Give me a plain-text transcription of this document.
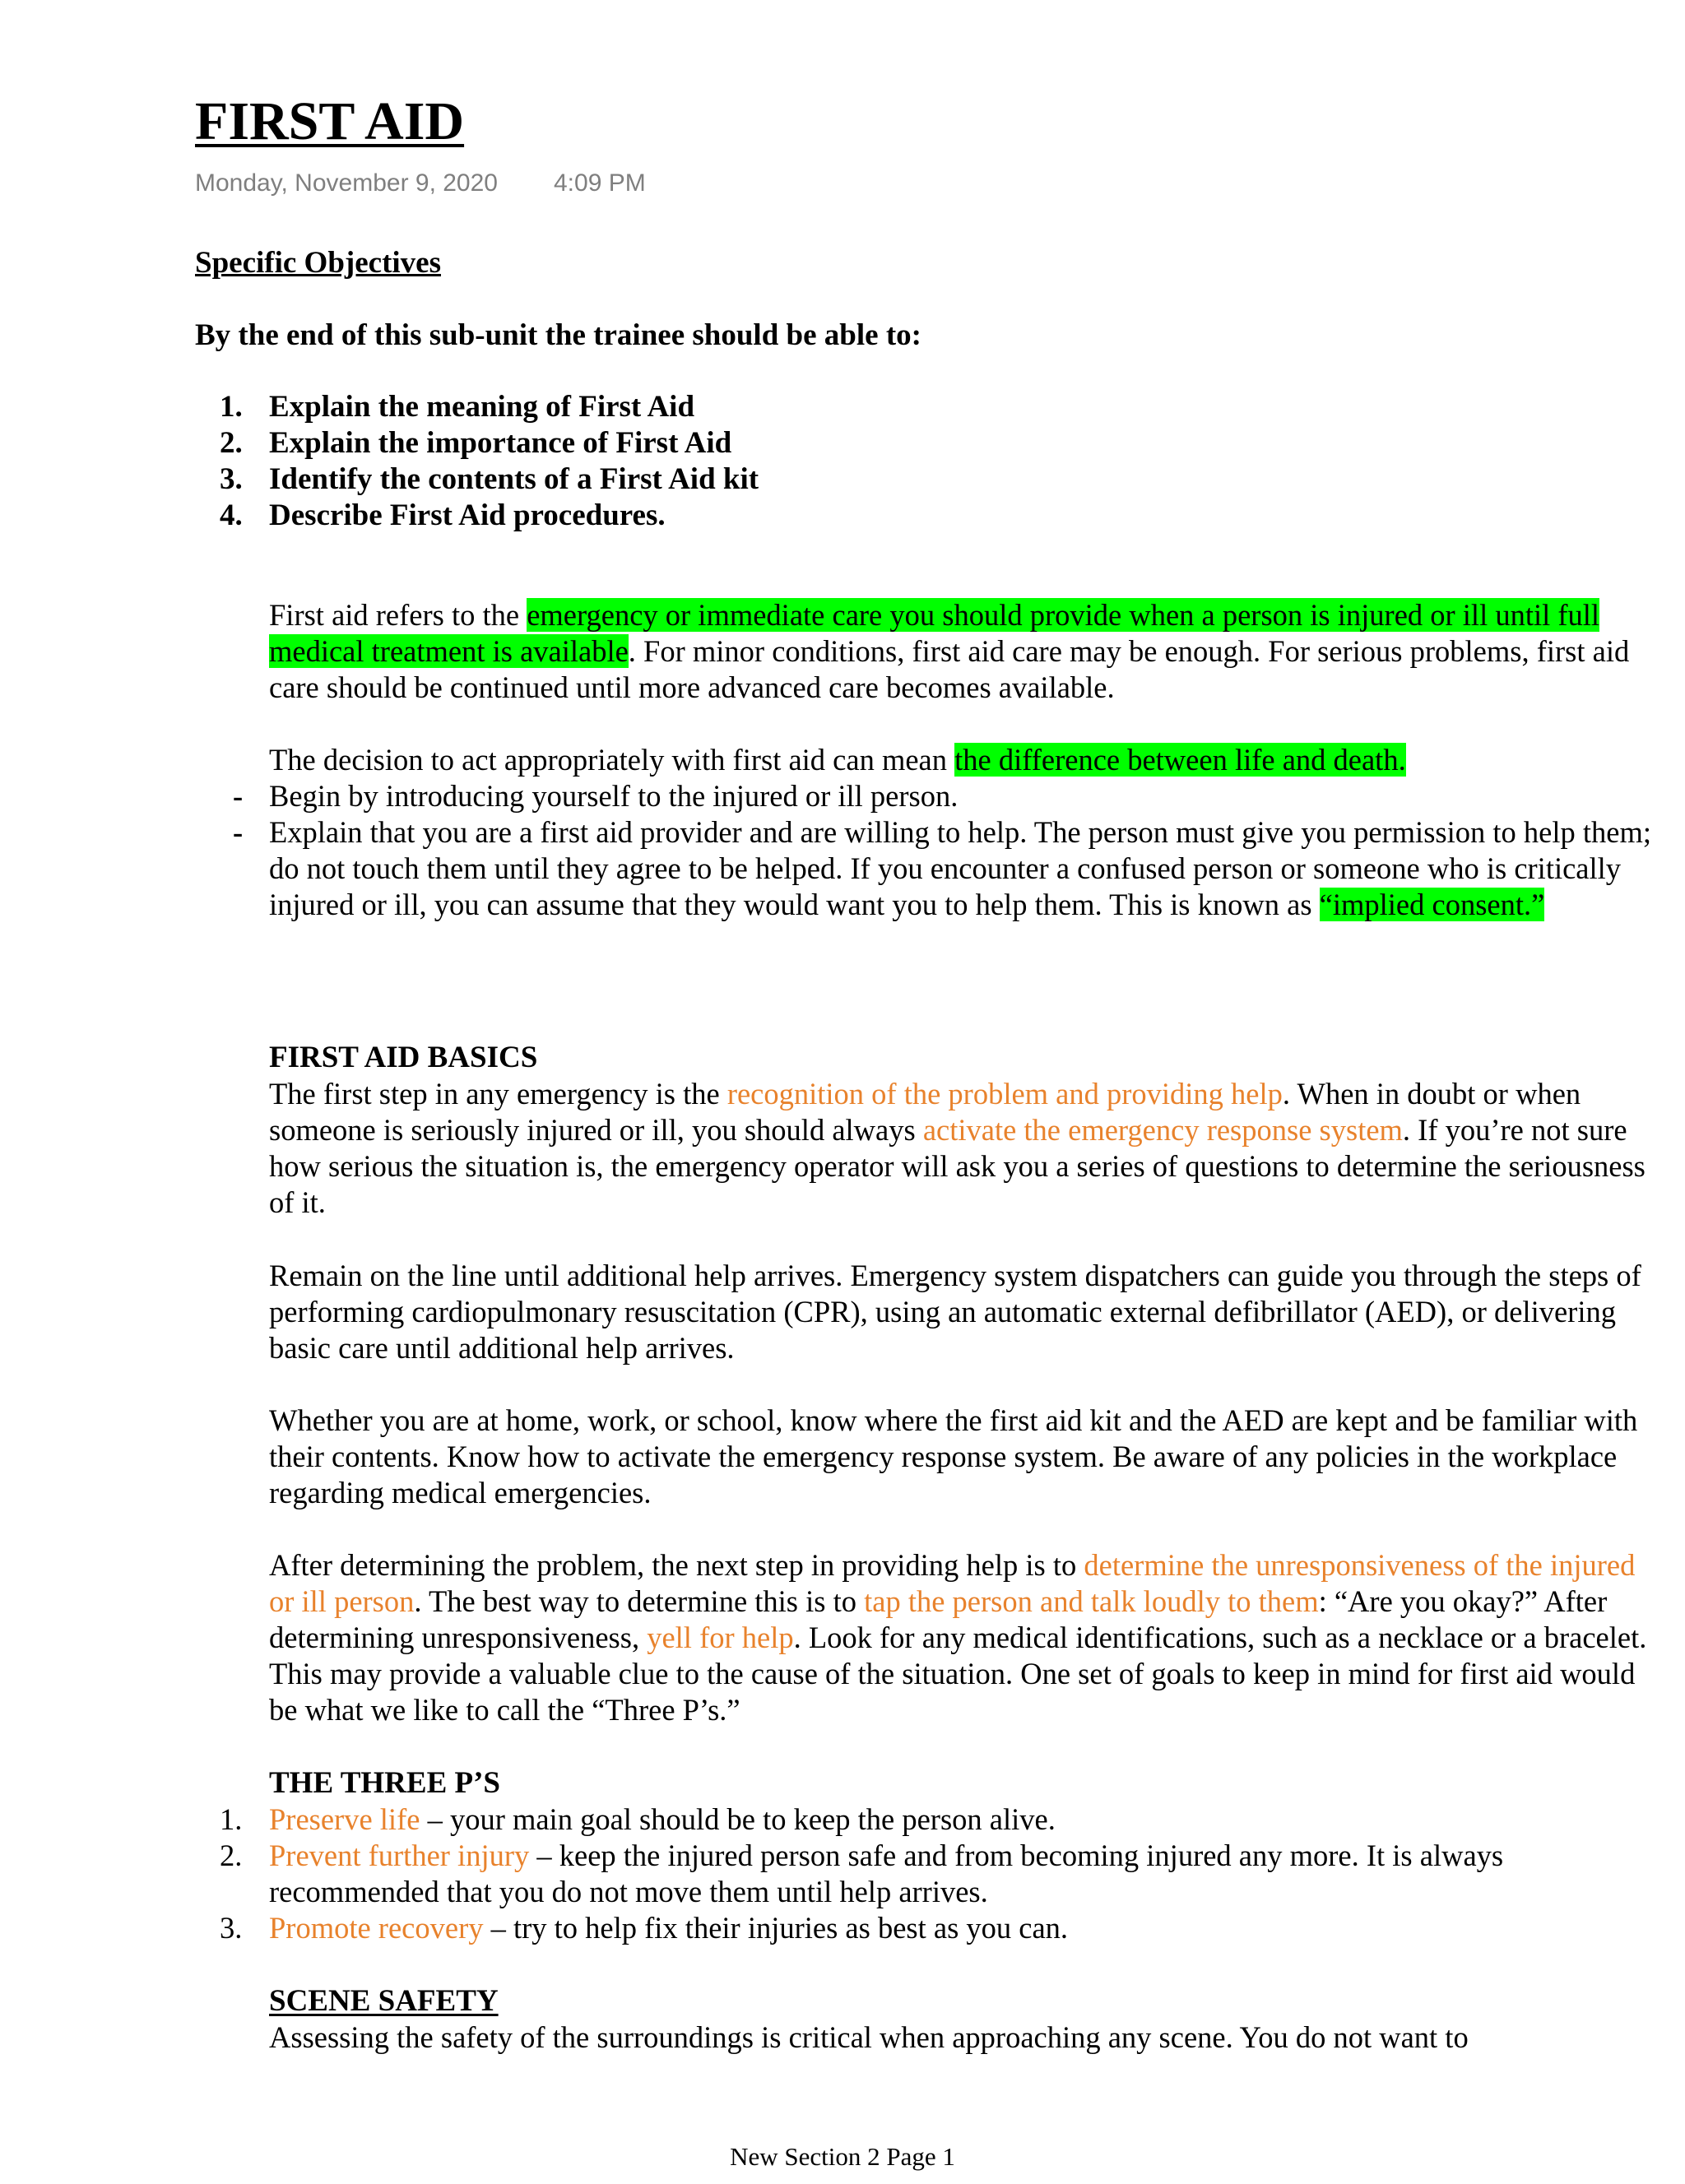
FIRST AID
Monday, November 9, 2020 4:09 PM
Specific Objectives

By the end of this sub-unit the trainee should be able to:

1. Explain the meaning of First Aid
2. Explain the importance of First Aid
3. Identify the contents of a First Aid kit
4. Describe First Aid procedures.

First aid refers to the emergency or immediate care you should provide when a person is injured or ill until full medical treatment is available. For minor conditions, first aid care may be enough. For serious problems, first aid care should be continued until more advanced care becomes available.

The decision to act appropriately with first aid can mean the difference between life and death.

- Begin by introducing yourself to the injured or ill person.
- Explain that you are a first aid provider and are willing to help. The person must give you permission to help them; do not touch them until they agree to be helped. If you encounter a confused person or someone who is critically injured or ill, you can assume that they would want you to help them. This is known as “implied consent.”
FIRST AID BASICS

The first step in any emergency is the recognition of the problem and providing help. When in doubt or when someone is seriously injured or ill, you should always activate the emergency response system. If you’re not sure how serious the situation is, the emergency operator will ask you a series of questions to determine the seriousness of it.

Remain on the line until additional help arrives. Emergency system dispatchers can guide you through the steps of performing cardiopulmonary resuscitation (CPR), using an automatic external defibrillator (AED), or delivering basic care until additional help arrives.

Whether you are at home, work, or school, know where the first aid kit and the AED are kept and be familiar with their contents. Know how to activate the emergency response system. Be aware of any policies in the workplace regarding medical emergencies.

After determining the problem, the next step in providing help is to determine the unresponsiveness of the injured or ill person. The best way to determine this is to tap the person and talk loudly to them: “Are you okay?” After determining unresponsiveness, yell for help. Look for any medical identifications, such as a necklace or a bracelet. This may provide a valuable clue to the cause of the situation. One set of goals to keep in mind for first aid would be what we like to call the “Three P’s.”

THE THREE P’S
1. Preserve life – your main goal should be to keep the person alive.
2. Prevent further injury – keep the injured person safe and from becoming injured any more. It is always recommended that you do not move them until help arrives.
3. Promote recovery – try to help fix their injuries as best as you can.
SCENE SAFETY

Assessing the safety of the surroundings is critical when approaching any scene. You do not want to

New Section 2 Page 1
